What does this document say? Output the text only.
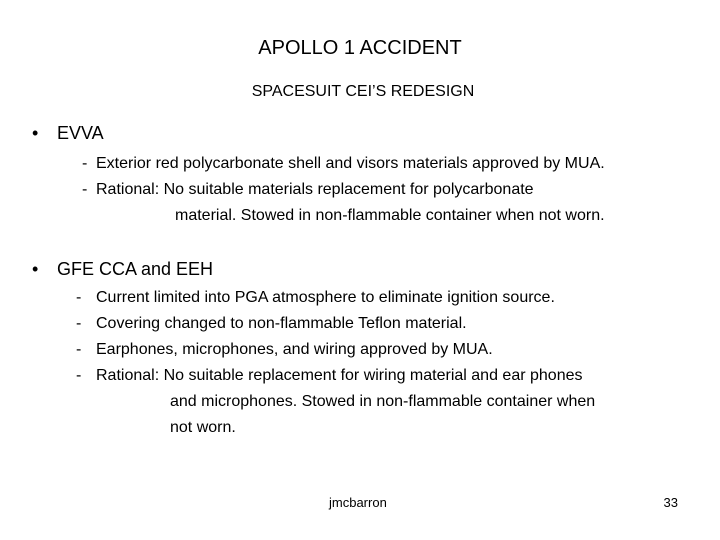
APOLLO 1 ACCIDENT
SPACESUIT CEI’S REDESIGN
• EVVA
- Exterior red polycarbonate shell and visors materials approved by MUA.
- Rational: No suitable materials replacement for polycarbonate
material. Stowed in non-flammable container when not worn.
• GFE CCA and EEH
- Current limited into PGA atmosphere to eliminate ignition source.
- Covering changed to non-flammable Teflon material.
- Earphones, microphones, and wiring approved by MUA.
- Rational: No suitable replacement for wiring material and ear phones
and microphones. Stowed in non-flammable container when
not worn.
jmcbarron	33
